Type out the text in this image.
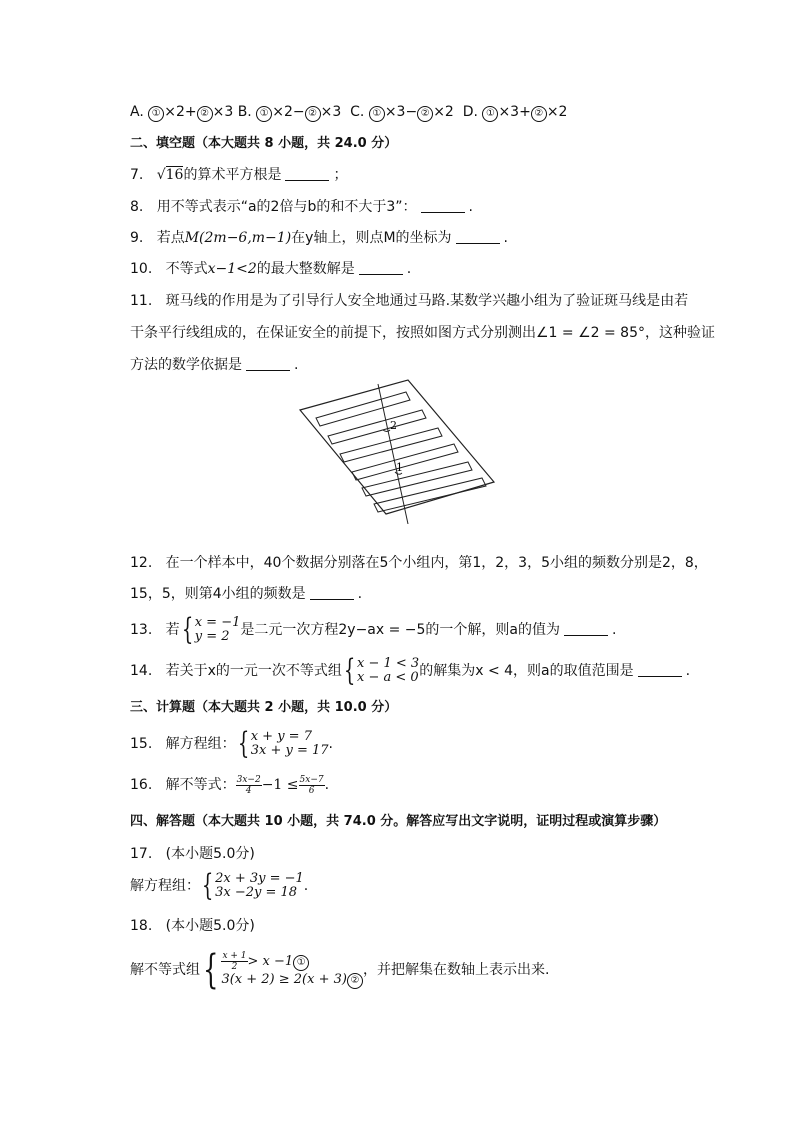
A. ① ×2+ ② ×3 B. ① ×2− ② ×3 C. ① ×3− ② ×2 D. ① ×3+ ② ×2
二、填空题（本大题共 8 小题，共 24.0 分）
7. √16的算术平方根是	；
8. 用不等式表示“a的2倍与b的和不大于3”：	.
9. 若点M(2m−6,m−1)在y轴上，则点M的坐标为	.
10. 不等式x−1<2的最大整数解是	.
11. 斑马线的作用是为了引导行人安全地通过马路.某数学兴趣小组为了验证斑马线是由若
干条平行线组成的，在保证安全的前提下，按照如图方式分别测出∠1 = ∠2 = 85°，这种验证
方法的数学依据是	.
2
1
12. 在一个样本中，40个数据分别落在5个小组内，第1，2，3，5小组的频数分别是2，8，
15，5，则第4小组的频数是	.
13. 若{ x = −1
y = 2 是二元一次方程2y−ax = −5的一个解，则a的值为	.
14. 若关于x的一元一次不等式组{ x − 1 < 3
x − a < 0的解集为x < 4，则a的取值范围是	.
三、计算题（本大题共 2 小题，共 10.0 分）
15. 解方程组：{ x + y = 7
3x + y = 17.
16. 解不等式： $\frac{3x-2}{4} -1 \le \frac{5x-7}{6}$ .
四、解答题（本大题共 10 小题，共 74.0 分。解答应写出文字说明，证明过程或演算步骤）
17. (本小题5.0分)
解方程组：{ 2x + 3y = −1
3x −2y = 18 .
18. (本小题5.0分)
解不等式组{ $\frac{x + 1}{2} > x -1$ ①
3(x + 2) ≥ 2(x + 3) ②，并把解集在数轴上表示出来.
